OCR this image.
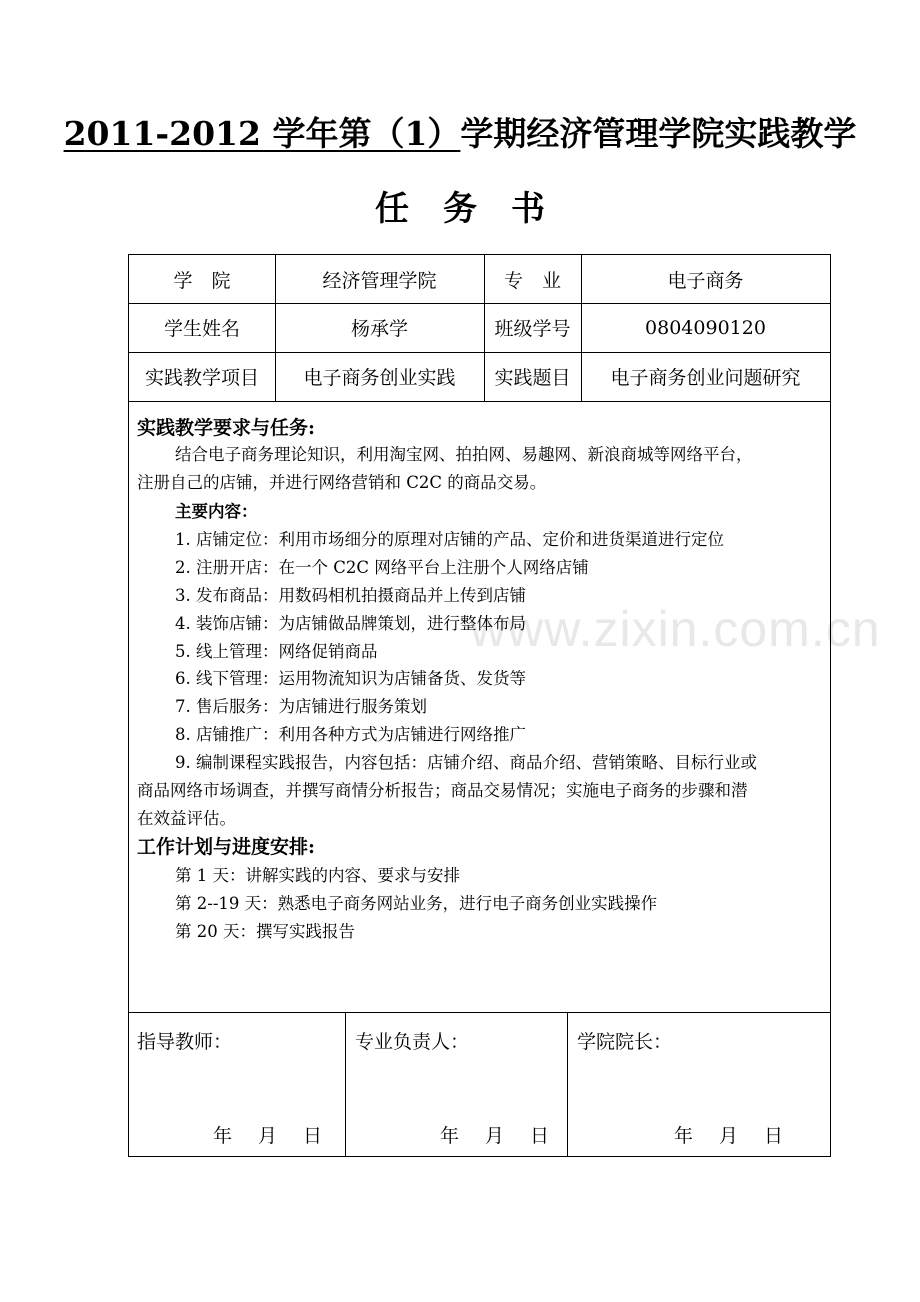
2011-2012 学年第（1）学期经济管理学院实践教学
任务书
www.zixin.com.cn
学　院	经济管理学院	专　业	电子商务
学生姓名	杨承学	班级学号	0804090120
实践教学项目	电子商务创业实践	实践题目	电子商务创业问题研究
实践教学要求与任务:
结合电子商务理论知识，利用淘宝网、拍拍网、易趣网、新浪商城等网络平台，
注册自己的店铺，并进行网络营销和 C2C 的商品交易。
主要内容：
1. 店铺定位：利用市场细分的原理对店铺的产品、定价和进货渠道进行定位
2. 注册开店：在一个 C2C 网络平台上注册个人网络店铺
3. 发布商品：用数码相机拍摄商品并上传到店铺
4. 装饰店铺：为店铺做品牌策划，进行整体布局
5. 线上管理：网络促销商品
6. 线下管理：运用物流知识为店铺备货、发货等
7. 售后服务：为店铺进行服务策划
8. 店铺推广：利用各种方式为店铺进行网络推广
9. 编制课程实践报告，内容包括：店铺介绍、商品介绍、营销策略、目标行业或
商品网络市场调查，并撰写商情分析报告；商品交易情况；实施电子商务的步骤和潜
在效益评估。
工作计划与进度安排:
第 1 天：讲解实践的内容、要求与安排
第 2--19 天：熟悉电子商务网站业务，进行电子商务创业实践操作
第 20 天：撰写实践报告
指导教师：	专业负责人：	学院院长：
年 月 日	年 月 日	年 月 日
